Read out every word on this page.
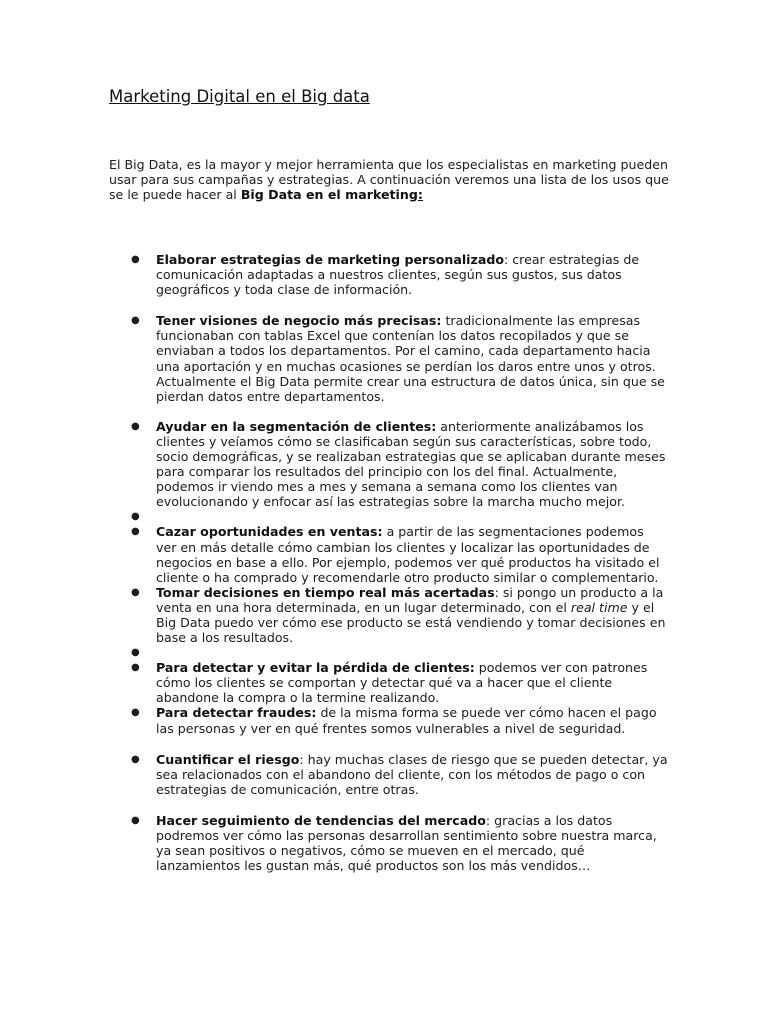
Marketing Digital en el Big data

El Big Data, es la mayor y mejor herramienta que los especialistas en marketing pueden usar para sus campañas y estrategias. A continuación veremos una lista de los usos que se le puede hacer al Big Data en el marketing:

● Elaborar estrategias de marketing personalizado: crear estrategias de comunicación adaptadas a nuestros clientes, según sus gustos, sus datos geográficos y toda clase de información.
● Tener visiones de negocio más precisas: tradicionalmente las empresas funcionaban con tablas Excel que contenían los datos recopilados y que se enviaban a todos los departamentos. Por el camino, cada departamento hacia una aportación y en muchas ocasiones se perdían los daros entre unos y otros. Actualmente el Big Data permite crear una estructura de datos única, sin que se pierdan datos entre departamentos.
● Ayudar en la segmentación de clientes: anteriormente analizábamos los clientes y veíamos cómo se clasificaban según sus características, sobre todo, socio demográficas, y se realizaban estrategias que se aplicaban durante meses para comparar los resultados del principio con los del final. Actualmente, podemos ir viendo mes a mes y semana a semana como los clientes van evolucionando y enfocar así las estrategias sobre la marcha mucho mejor.
●
● Cazar oportunidades en ventas: a partir de las segmentaciones podemos ver en más detalle cómo cambian los clientes y localizar las oportunidades de negocios en base a ello. Por ejemplo, podemos ver qué productos ha visitado el cliente o ha comprado y recomendarle otro producto similar o complementario.
● Tomar decisiones en tiempo real más acertadas: si pongo un producto a la venta en una hora determinada, en un lugar determinado, con el real time y el Big Data puedo ver cómo ese producto se está vendiendo y tomar decisiones en base a los resultados.
●
● Para detectar y evitar la pérdida de clientes: podemos ver con patrones cómo los clientes se comportan y detectar qué va a hacer que el cliente abandone la compra o la termine realizando.
● Para detectar fraudes: de la misma forma se puede ver cómo hacen el pago las personas y ver en qué frentes somos vulnerables a nivel de seguridad.
● Cuantificar el riesgo: hay muchas clases de riesgo que se pueden detectar, ya sea relacionados con el abandono del cliente, con los métodos de pago o con estrategias de comunicación, entre otras.
● Hacer seguimiento de tendencias del mercado: gracias a los datos podremos ver cómo las personas desarrollan sentimiento sobre nuestra marca, ya sean positivos o negativos, cómo se mueven en el mercado, qué lanzamientos les gustan más, qué productos son los más vendidos…
